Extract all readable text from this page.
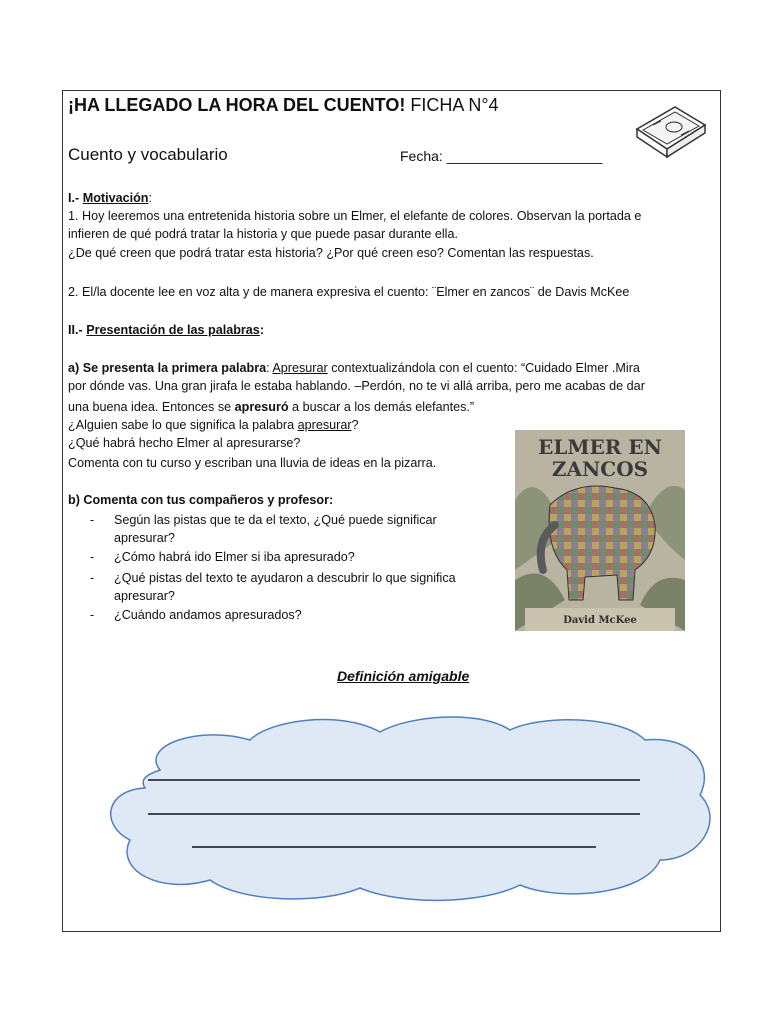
¡HA LLEGADO LA HORA DEL CUENTO! FICHA N°4
Cuento y vocabulario	Fecha: ____________________
I.- Motivación:
1. Hoy leeremos una entretenida historia sobre un Elmer, el elefante de colores. Observan la portada e
infieren de qué podrá tratar la historia y que puede pasar durante ella.
¿De qué creen que podrá tratar esta historia? ¿Por qué creen eso? Comentan las respuestas.
2. El/la docente lee en voz alta y de manera expresiva el cuento: ¨Elmer en zancos¨ de Davis McKee
II.- Presentación de las palabras:
a) Se presenta la primera palabra: Apresurar contextualizándola con el cuento: “Cuidado Elmer .Mira
por dónde vas. Una gran jirafa le estaba hablando. –Perdón, no te vi allá arriba, pero me acabas de dar
una buena idea. Entonces se apresuró a buscar a los demás elefantes.”
¿Alguien sabe lo que significa la palabra apresurar?
¿Qué habrá hecho Elmer al apresurarse?
Comenta con tu curso y escriban una lluvia de ideas en la pizarra.
b) Comenta con tus compañeros y profesor:
- Según las pistas que te da el texto, ¿Qué puede significar
apresurar?
- ¿Cómo habrá ido Elmer si iba apresurado?
- ¿Qué pistas del texto te ayudaron a descubrir lo que significa
apresurar?
- ¿Cuándo andamos apresurados?
ELMER EN
ZANCOS
David McKee
Definición amigable
